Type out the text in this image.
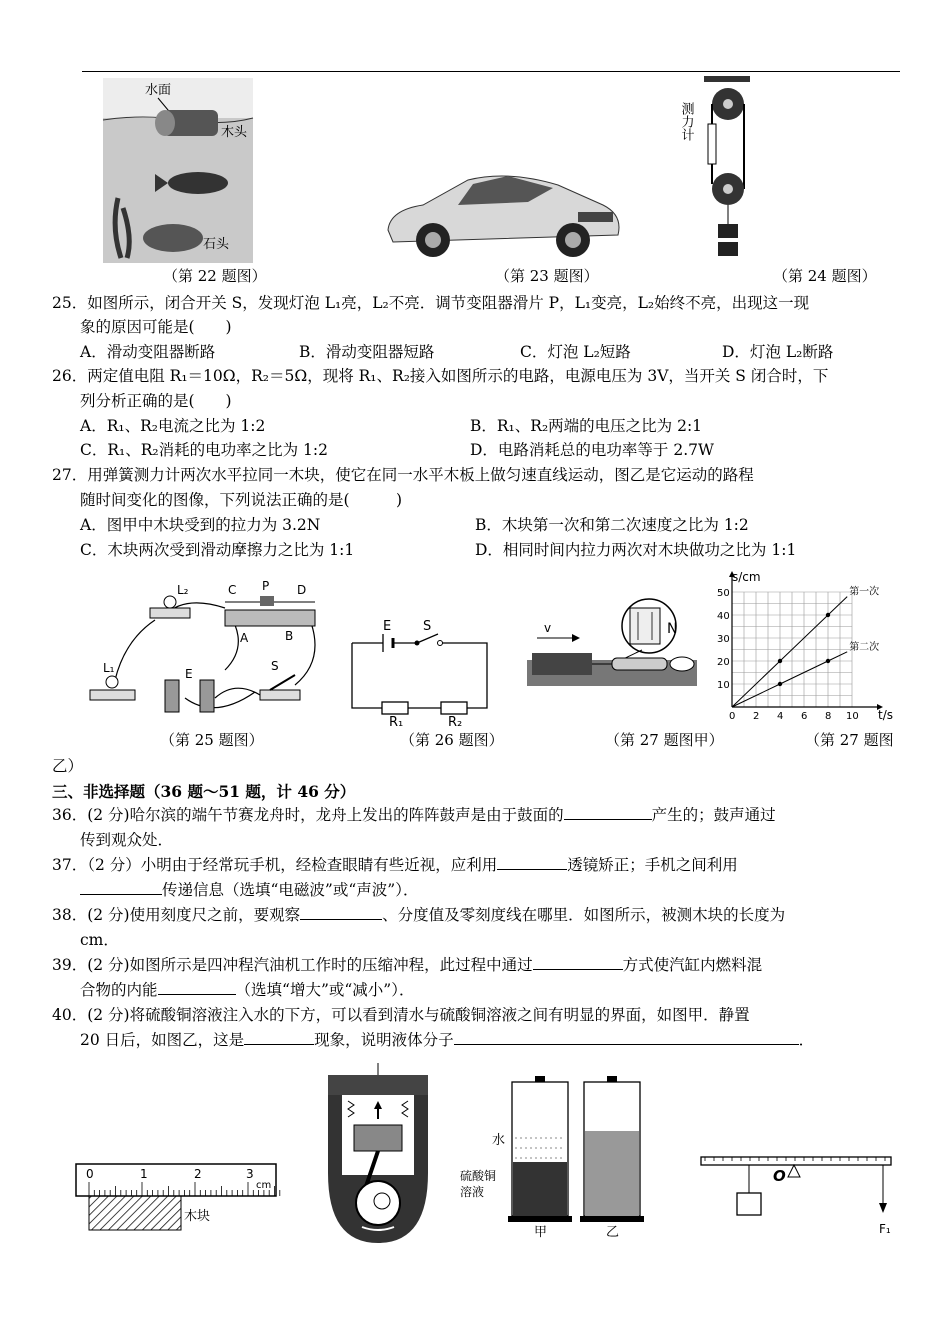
水面
木头
石头
（第 22 题图）	（第 23 题图）
测力计
（第 24 题图）
25．如图所示，闭合开关 S，发现灯泡 L₁亮，L₂不亮．调节变阻器滑片 P，L₁变亮，L₂始终不亮，出现这一现
象的原因可能是(　　)
A．滑动变阻器断路	B．滑动变阻器短路	C．灯泡 L₂短路	D．灯泡 L₂断路
26．两定值电阻 R₁＝10Ω，R₂＝5Ω，现将 R₁、R₂接入如图所示的电路，电源电压为 3V，当开关 S 闭合时，下
列分析正确的是(　　)
A．R₁、R₂电流之比为 1:2	B．R₁、R₂两端的电压之比为 2:1
C．R₁、R₂消耗的电功率之比为 1:2	D．电路消耗总的电功率等于 2.7W
27．用弹簧测力计两次水平拉同一木块，使它在同一水平木板上做匀速直线运动，图乙是它运动的路程
随时间变化的图像，下列说法正确的是(　　　)
A．图甲中木块受到的拉力为 3.2N	B．木块第一次和第二次速度之比为 1:2
C．木块两次受到滑动摩擦力之比为 1:1	D．相同时间内拉力两次对木块做功之比为 1:1
L₂	C P D
A	B
L₁	E
S
（第 25 题图）
E S
R₁	R₂
（第 26 题图）
N
v
（第 27 题图甲）
0 2 4 6 8 10
10
20
30
40
50	第一次
第二次
s/cm
t/s
（第 27 题图
乙）
三、非选择题（36 题～51 题，计 46 分）
36．(2 分)哈尔滨的端午节赛龙舟时，龙舟上发出的阵阵鼓声是由于鼓面的	产生的；鼓声通过
传到观众处．
37．（2 分）小明由于经常玩手机，经检查眼睛有些近视，应利用	透镜矫正；手机之间利用
传递信息（选填“电磁波”或“声波”）．
38．(2 分)使用刻度尺之前，要观察	、分度值及零刻度线在哪里．如图所示，被测木块的长度为
cm．
39．(2 分)如图所示是四冲程汽油机工作时的压缩冲程，此过程中通过	方式使汽缸内燃料混
合物的内能	（选填“增大”或“减小”）．
40．(2 分)将硫酸铜溶液注入水的下方，可以看到清水与硫酸铜溶液之间有明显的界面，如图甲．静置
20 日后，如图乙，这是	现象，说明液体分子	．
0	1	2	3
cm
木块
水
硫酸铜
溶液
甲	乙
O
F₁
